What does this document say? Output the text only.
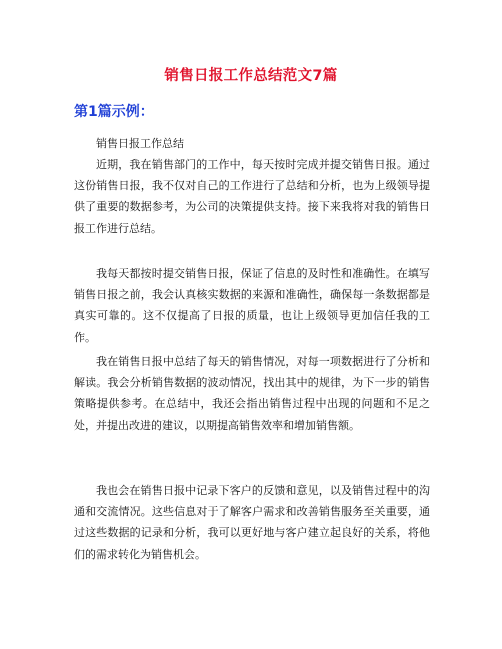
销售日报工作总结范文7篇
第1篇示例：

销售日报工作总结

近期，我在销售部门的工作中，每天按时完成并提交销售日报。通过这份销售日报，我不仅对自己的工作进行了总结和分析，也为上级领导提供了重要的数据参考，为公司的决策提供支持。接下来我将对我的销售日报工作进行总结。

我每天都按时提交销售日报，保证了信息的及时性和准确性。在填写销售日报之前，我会认真核实数据的来源和准确性，确保每一条数据都是真实可靠的。这不仅提高了日报的质量，也让上级领导更加信任我的工作。

我在销售日报中总结了每天的销售情况，对每一项数据进行了分析和解读。我会分析销售数据的波动情况，找出其中的规律，为下一步的销售策略提供参考。在总结中，我还会指出销售过程中出现的问题和不足之处，并提出改进的建议，以期提高销售效率和增加销售额。

我也会在销售日报中记录下客户的反馈和意见，以及销售过程中的沟通和交流情况。这些信息对于了解客户需求和改善销售服务至关重要，通过这些数据的记录和分析，我可以更好地与客户建立起良好的关系，将他们的需求转化为销售机会。
